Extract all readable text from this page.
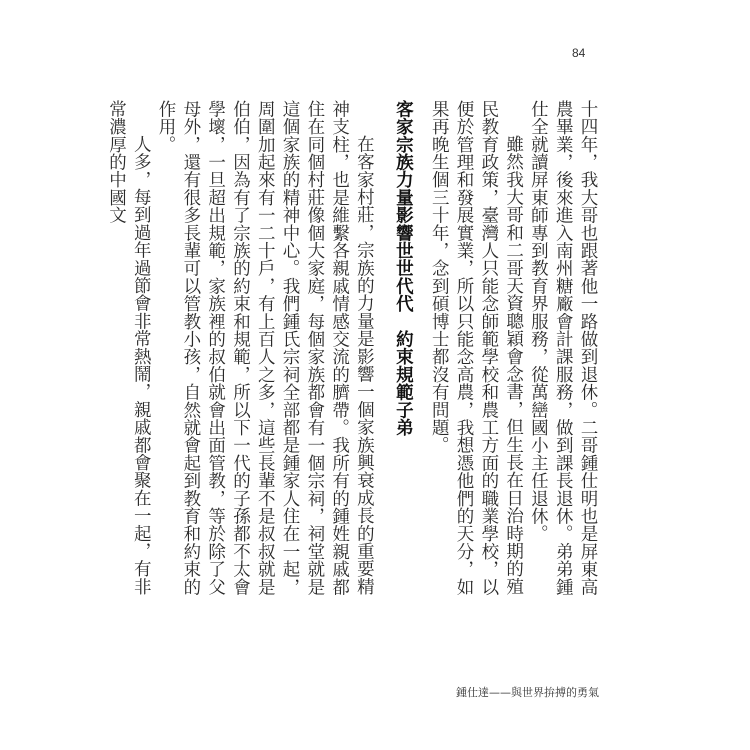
84

十四年，我大哥也跟著他一路做到退休。二哥鍾仕明也是屏東高農畢業，後來進入南州糖廠會計課服務，做到課長退休。弟弟鍾仕全就讀屏東師專到教育界服務，從萬巒國小主任退休。

雖然我大哥和二哥天資聰穎會念書，但生長在日治時期的殖民教育政策，臺灣人只能念師範學校和農工方面的職業學校，以便於管理和發展實業，所以只能念高農，我想憑他們的天分，如果再晚生個三十年，念到碩博士都沒有問題。

客家宗族力量影響世世代代　約束規範子弟

在客家村莊，宗族的力量是影響一個家族興衰成長的重要精神支柱，也是維繫各親戚情感交流的臍帶。我所有的鍾姓親戚都住在同個村莊像個大家庭，每個家族都會有一個宗祠，祠堂就是這個家族的精神中心。我們鍾氏宗祠全部都是鍾家人住在一起，周圍加起來有一二十戶，有上百人之多，這些長輩不是叔叔就是伯伯，因為有了宗族的約束和規範，所以下一代的子孫都不太會學壞，一旦超出規範，家族裡的叔伯就會出面管教，等於除了父母外，還有很多長輩可以管教小孩，自然就會起到教育和約束的作用。

人多，每到過年過節會非常熱鬧，親戚都會聚在一起，有非常濃厚的中國文

鍾仕達——與世界拚搏的勇氣
